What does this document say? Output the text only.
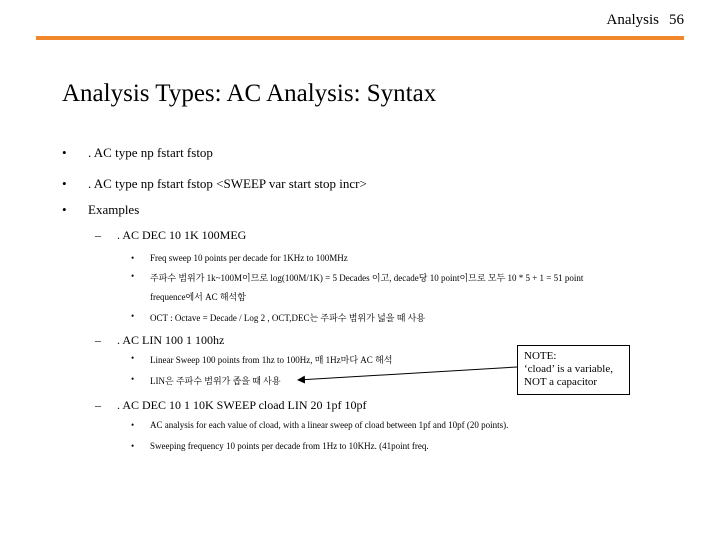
Analysis 56
Analysis Types: AC Analysis: Syntax
• . AC type np fstart fstop
• . AC type np fstart fstop <SWEEP var start stop incr>
• Examples
– . AC DEC 10 1K 100MEG
• Freq sweep 10 points per decade for 1KHz to 100MHz
• 주파수 범위가 1k~100M이므로 log(100M/1K) = 5 Decades 이고, decade당 10 point이므로 모두 10 * 5 + 1 = 51 point
frequence에서 AC 해석함
• OCT : Octave = Decade / Log 2 , OCT,DEC는 주파수 범위가 넓을 때 사용
– . AC LIN 100 1 100hz
• Linear Sweep 100 points from 1hz to 100Hz, 매 1Hz마다 AC 해석
• LIN은 주파수 범위가 좁을 때 사용
– . AC DEC 10 1 10K SWEEP cload LIN 20 1pf 10pf
• AC analysis for each value of cload, with a linear sweep of cload between 1pf and 10pf (20 points).
• Sweeping frequency 10 points per decade from 1Hz to 10KHz. (41point freq.
NOTE:
‘cload’ is a variable,
NOT a capacitor
